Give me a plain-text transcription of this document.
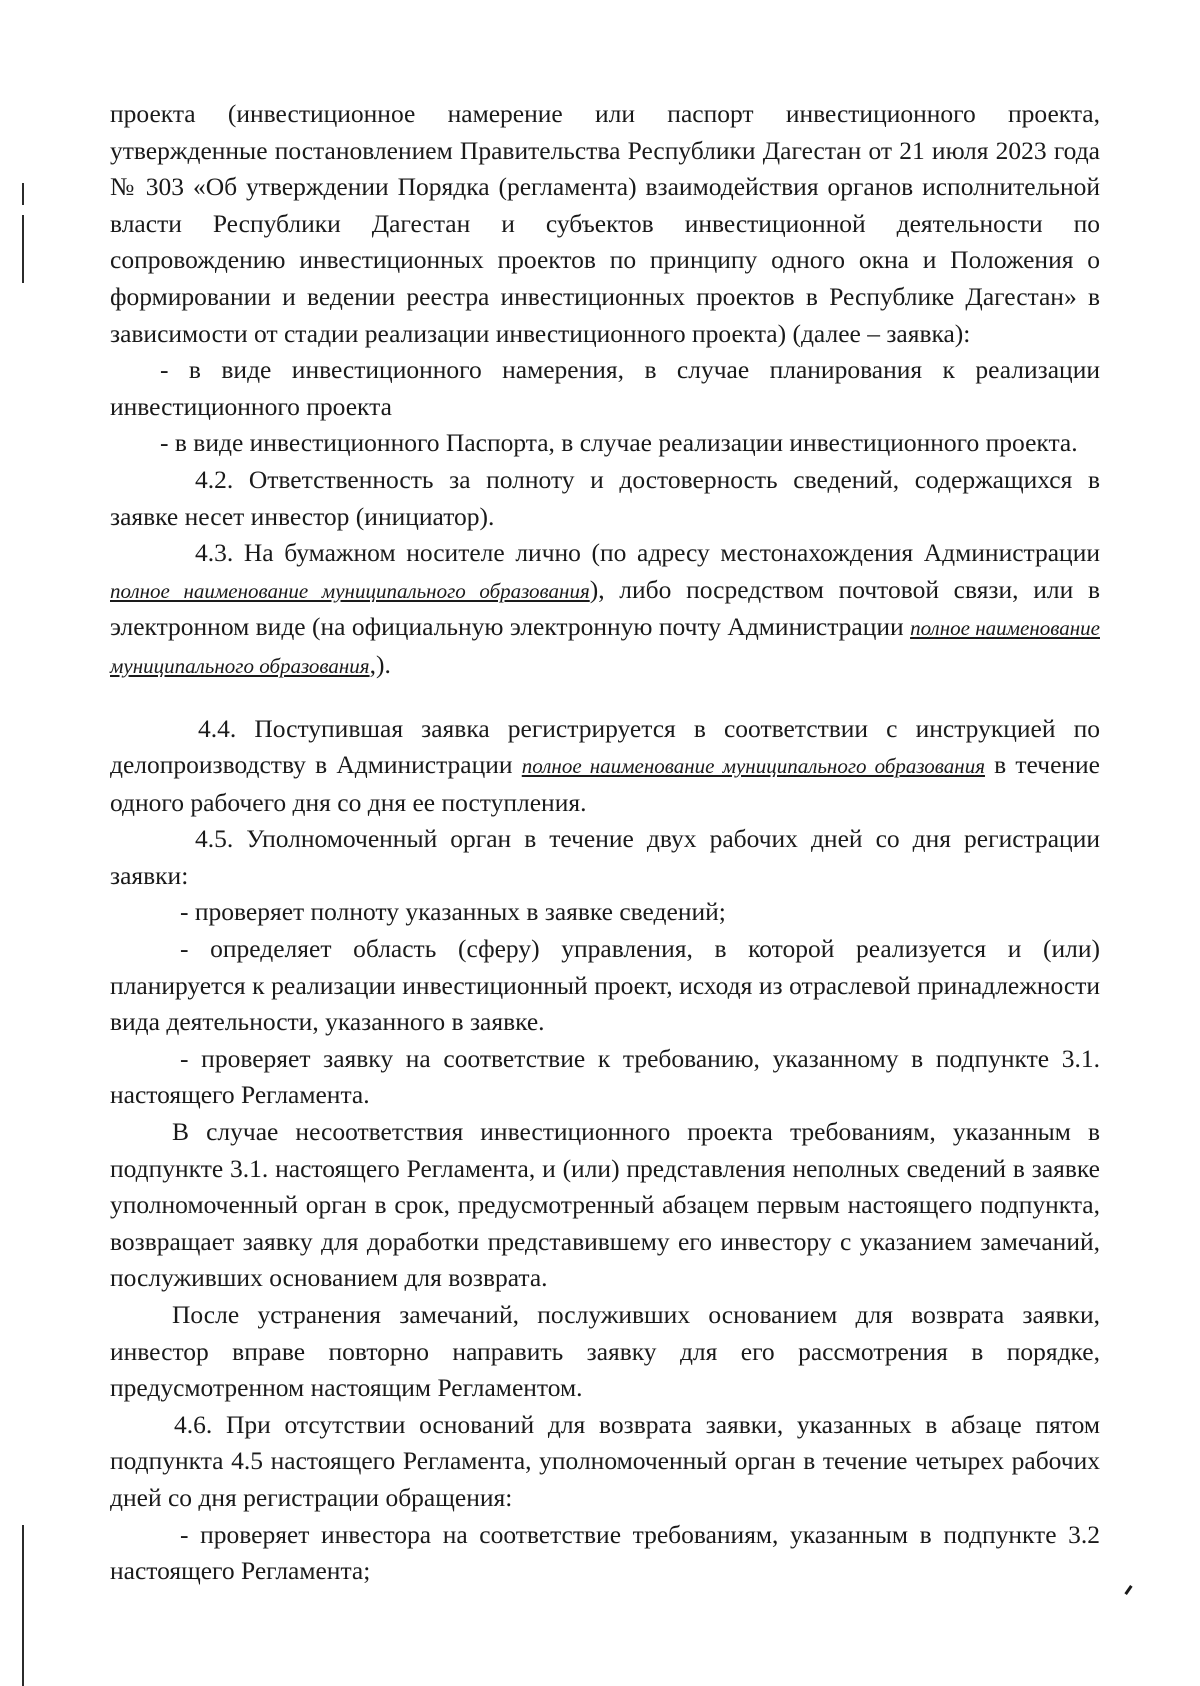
проекта (инвестиционное намерение или паспорт инвестиционного проекта, утвержденные постановлением Правительства Республики Дагестан от 21 июля 2023 года № 303 «Об утверждении Порядка (регламента) взаимодействия органов исполнительной власти Республики Дагестан и субъектов инвестиционной деятельности по сопровождению инвестиционных проектов по принципу одного окна и Положения о формировании и ведении реестра инвестиционных проектов в Республике Дагестан» в зависимости от стадии реализации инвестиционного проекта) (далее – заявка):

- в виде инвестиционного намерения, в случае планирования к реализации инвестиционного проекта

- в виде инвестиционного Паспорта, в случае реализации инвестиционного проекта.

4.2. Ответственность за полноту и достоверность сведений, содержащихся в заявке несет инвестор (инициатор).

4.3. На бумажном носителе лично (по адресу местонахождения Администрации полное наименование муниципального образования), либо посредством почтовой связи, или в электронном виде (на официальную электронную почту Администрации полное наименование муниципального образования,).

4.4. Поступившая заявка регистрируется в соответствии с инструкцией по делопроизводству в Администрации полное наименование муниципального образования в течение одного рабочего дня со дня ее поступления.

4.5. Уполномоченный орган в течение двух рабочих дней со дня регистрации заявки:

- проверяет полноту указанных в заявке сведений;

- определяет область (сферу) управления, в которой реализуется и (или) планируется к реализации инвестиционный проект, исходя из отраслевой принадлежности вида деятельности, указанного в заявке.

- проверяет заявку на соответствие к требованию, указанному в подпункте 3.1. настоящего Регламента.

В случае несоответствия инвестиционного проекта требованиям, указанным в подпункте 3.1. настоящего Регламента, и (или) представления неполных сведений в заявке уполномоченный орган в срок, предусмотренный абзацем первым настоящего подпункта, возвращает заявку для доработки представившему его инвестору с указанием замечаний, послуживших основанием для возврата.

После устранения замечаний, послуживших основанием для возврата заявки, инвестор вправе повторно направить заявку для его рассмотрения в порядке, предусмотренном настоящим Регламентом.

4.6. При отсутствии оснований для возврата заявки, указанных в абзаце пятом подпункта 4.5 настоящего Регламента, уполномоченный орган в течение четырех рабочих дней со дня регистрации обращения:

- проверяет инвестора на соответствие требованиям, указанным в подпункте 3.2 настоящего Регламента;
